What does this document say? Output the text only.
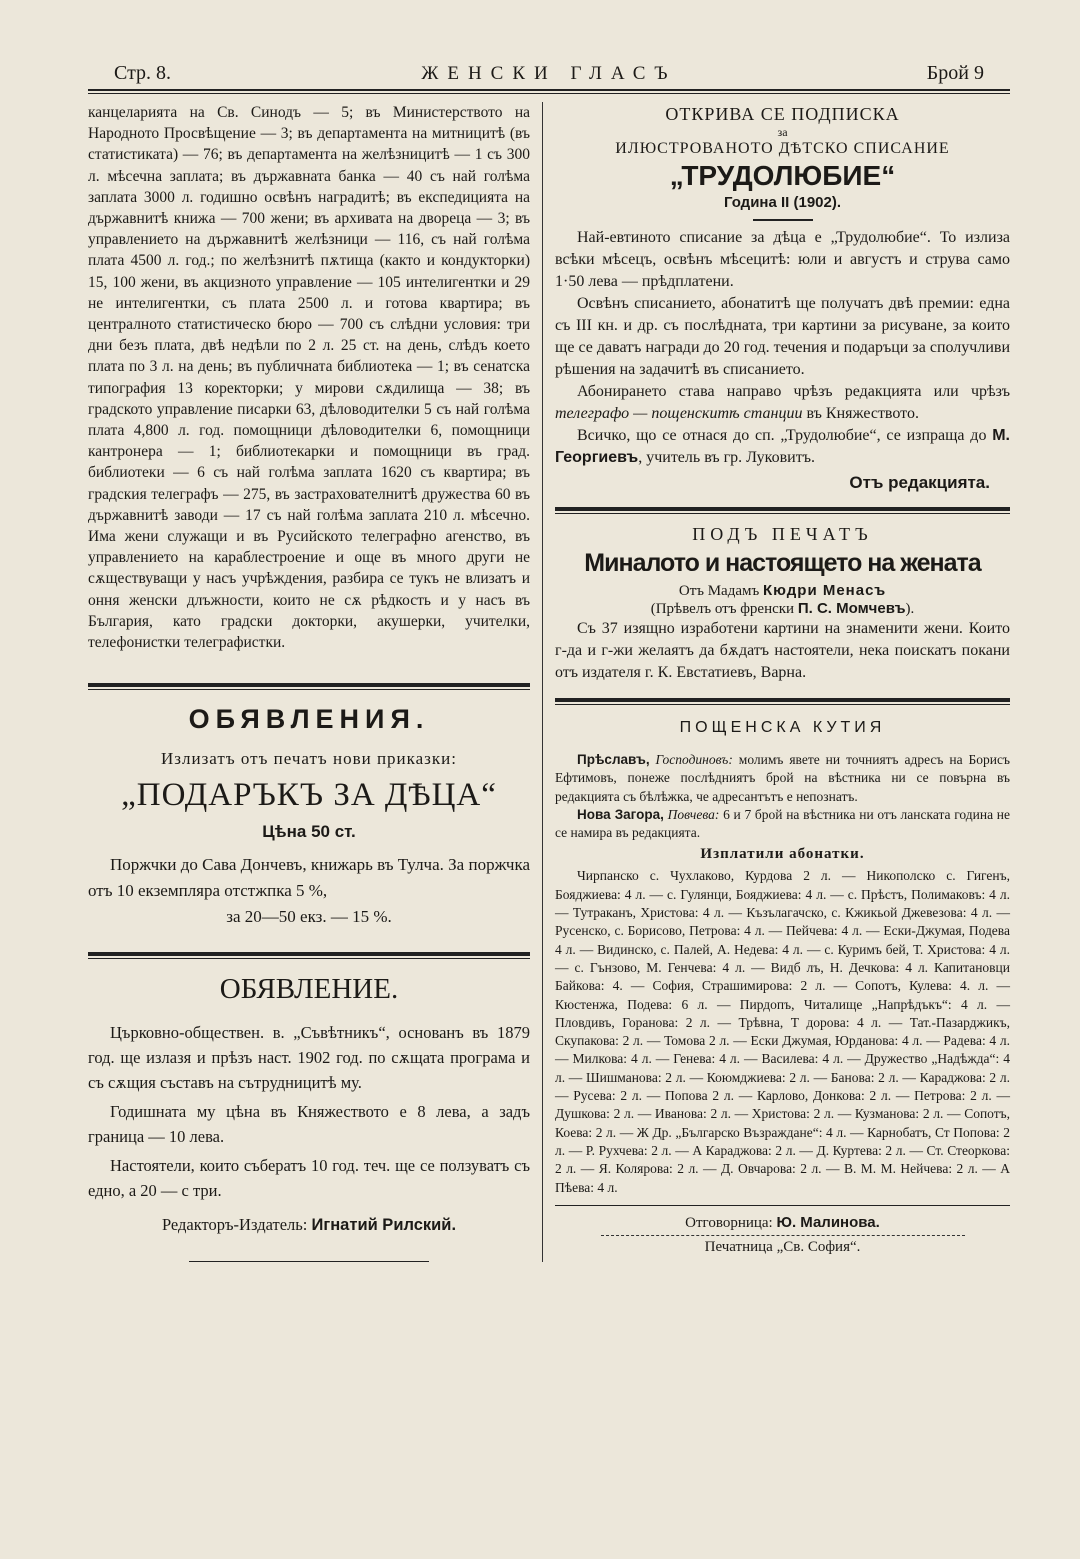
Стр. 8.	ЖЕНСКИ ГЛАСЪ	Брой 9

канцеларията на Св. Синодъ — 5; въ Министерството на Народното Просвѣщение — 3; въ департамента на митницитѣ (въ статистиката) — 76; въ департамента на желѣзницитѣ — 1 съ 300 л. мѣсечна заплата; въ държавната банка — 40 съ най голѣма заплата 3000 л. годишно освѣнъ наградитѣ; въ експедицията на държавнитѣ книжа — 700 жени; въ архивата на двореца — 3; въ управлението на държавнитѣ желѣзници — 116, съ най голѣма плата 4500 л. год.; по желѣзнитѣ пѫтища (както и кондукторки) 15, 100 жени, въ акцизното управление — 105 интелигентки и 29 не интелигентки, съ плата 2500 л. и готова квартира; въ централното статистическо бюро — 700 съ слѣдни условия: три дни безъ плата, двѣ недѣли по 2 л. 25 ст. на день, слѣдъ което плата по 3 л. на день; въ публичната библиотека — 1; въ сенатска типография 13 коректорки; у мирови сѫдилища — 38; въ градското управление писарки 63, дѣловодителки 5 съ най голѣма плата 4,800 л. год. помощници дѣловодителки 6, помощници кантронера — 1; библиотекарки и помощници въ град. библиотеки — 6 съ най голѣма заплата 1620 съ квартира; въ градския телеграфъ — 275, въ застрахователнитѣ дружества 60 въ държавнитѣ заводи — 17 съ най голѣма заплата 210 л. мѣсечно. Има жени служащи и въ Русийското телеграфно агенство, въ управлението на караблестроение и още въ много други не сѫществуващи у насъ учрѣждения, разбира се тукъ не влизатъ и оння женски длъжности, които не сѫ рѣдкость и у насъ въ България, като градски докторки, акушерки, учителки, телефонистки телеграфистки.

ОБЯВЛЕНИЯ.

Излизатъ отъ печатъ нови приказки:

„ПОДАРЪКЪ ЗА ДѢЦА“

Цѣна 50 ст.

Поржчки до Сава Дончевъ, книжарь въ Тулча. За поржчка отъ 10 екземпляра отстжпка 5 %,

за 20—50 екз. — 15 %.

ОБЯВЛЕНИЕ.

Църковно-обществен. в. „Съвѣтникъ“, основанъ въ 1879 год. ще излазя и прѣзъ наст. 1902 год. по сѫщата програма и съ сѫщия съставъ на сътрудницитѣ му.

Годишната му цѣна въ Княжеството е 8 лева, а задъ границa — 10 лева.

Настоятели, които събератъ 10 год. теч. ще се ползуватъ съ едно, а 20 — с три.

Редакторъ-Издатель: Игнатий Рилский.

ОТКРИВА СЕ ПОДПИСКА

за

ИЛЮСТРОВАНОТО ДѢТСКО СПИСАНИЕ

„ТРУДОЛЮБИЕ“

Година II (1902).

Най-евтиното списание за дѣца е „Трудолюбие“. То излиза всѣки мѣсецъ, освѣнъ мѣсецитѣ: юли и августъ и струва само 1·50 лева — прѣдплатени.

Освѣнъ списанието, абонатитѣ ще получатъ двѣ премии: една съ III кн. и др. съ послѣдната, три картини за рисуване, за които ще се даватъ награди до 20 год. течения и подаръци за сполучливи рѣшения на задачитѣ въ списанието.

Абонирането става направо чрѣзъ редакцията или чрѣзъ телеграфо — пощенскитѣ станции въ Княжеството.

Всичко, що се отнася до сп. „Трудолюбие“, се изпраща до М. Георгиевъ, учитель въ гр. Луковитъ.

Отъ редакцията.

ПОДЪ ПЕЧАТЪ

Миналото и настоящето на жената

Отъ Мадамъ Кюдри Менасъ

(Прѣвелъ отъ френски П. С. Момчевъ).

Съ 37 изящно изработени картини на знаменити жени. Които г-да и г-жи желаятъ да бѫдатъ настоятели, нека поискатъ покани отъ издателя г. К. Евстатиевъ, Варна.

ПОЩЕНСКА КУТИЯ

Прѣславъ, Господиновъ: молимъ явете ни точниятъ адресъ на Борисъ Ефтимовъ, понеже послѣдниятъ брой на вѣстника ни се повърна въ редакцията съ бѣлѣжка, че адресантътъ е непознатъ.

Нова Загора, Повчева: 6 и 7 брой на вѣстника ни отъ ланската година не се намира въ редакцията.

Изплатили абонатки.

Чирпанско с. Чухлаково, Курдова 2 л. — Никополско с. Гигенъ, Бояджиева: 4 л. — с. Гулянци, Бояджиева: 4 л. — с. Прѣстъ, Полимаковъ: 4 л. — Тутраканъ, Христова: 4 л. — Къзълагачско, с. Кжикьой Джевезова: 4 л. — Русенско, с. Борисово, Петрова: 4 л. — Пейчева: 4 л. — Ески-Джумая, Подева 4 л. — Видинско, с. Палей, А. Недева: 4 л. — с. Куримъ бей, Т. Христова: 4 л. — с. Гънзово, М. Генчева: 4 л. — Видб лъ, Н. Дечкова: 4 л. Капитановци Байкова: 4. — София, Страшимирова: 2 л. — Сопотъ, Кулева: 4. л. — Кюстенжа, Подева: 6 л. — Пирдопъ, Читалище „Напрѣдъкъ“: 4 л. — Пловдивъ, Горанова: 2 л. — Трѣвна, Т дорова: 4 л. — Тат.-Пазарджикъ, Скупакова: 2 л. — Томова 2 л. — Ески Джумая, Юрданова: 4 л. — Радева: 4 л. — Милкова: 4 л. — Генева: 4 л. — Василева: 4 л. — Дружество „Надѣжда“: 4 л. — Шишманова: 2 л. — Коюмджиева: 2 л. — Банова: 2 л. — Караджова: 2 л. — Русева: 2 л. — Попова 2 л. — Карлово, Донкова: 2 л. — Петрова: 2 л. — Душкова: 2 л. — Иванова: 2 л. — Христова: 2 л. — Кузманова: 2 л. — Сопотъ, Коева: 2 л. — Ж Др. „Българско Възраждане“: 4 л. — Карнобатъ, Ст Попова: 2 л. — Р. Рухчева: 2 л. — А Караджова: 2 л. — Д. Куртева: 2 л. — Ст. Стеоркова: 2 л. — Я. Колярова: 2 л. — Д. Овчарова: 2 л. — В. М. М. Нейчева: 2 л. — А Пѣева: 4 л.

Отговорница: Ю. Малинова.

Печатница „Св. София“.
